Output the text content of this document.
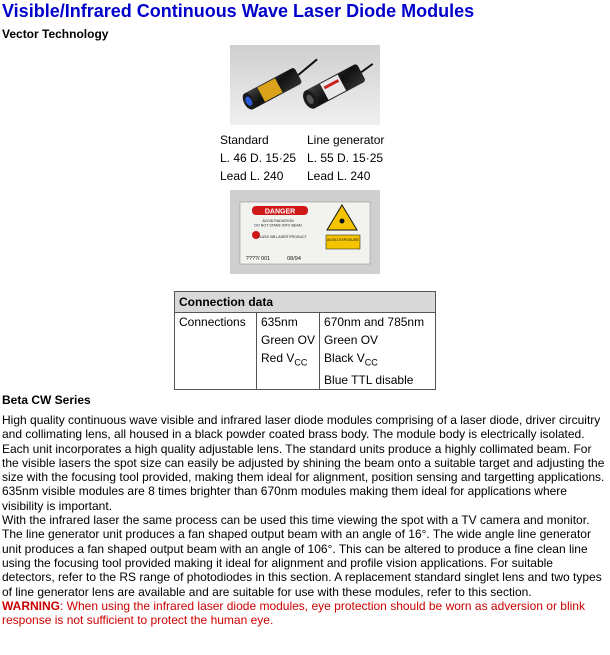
Visible/Infrared Continuous Wave Laser Diode Modules
Vector Technology
Standard
L. 46 D. 15·25
Lead L. 240
Line generator
L. 55 D. 15·25
Lead L. 240
DANGER
AVOID RADIATION
DO NOT STARE INTO BEAM
CLASS IIIB LASER PRODUCT
AVOID EXPOSURE
????/ 001	08/94
Connection data

Connections	635nm
Green OV
Red $V_{CC}$

670nm and 785nm
Green OV
Black $V_{CC}$
Blue TTL disable
Beta CW Series

High quality continuous wave visible and infrared laser diode modules comprising of a laser diode, driver circuitry and collimating lens, all housed in a black powder coated brass body. The module body is electrically isolated.

Each unit incorporates a high quality adjustable lens. The standard units produce a highly collimated beam. For the visible lasers the spot size can easily be adjusted by shining the beam onto a suitable target and adjusting the size with the focusing tool provided, making them ideal for alignment, position sensing and targetting applications. 635nm visible modules are 8 times brighter than 670nm modules making them ideal for applications where visibility is important.

With the infrared laser the same process can be used this time viewing the spot with a TV camera and monitor. The line generator unit produces a fan shaped output beam with an angle of 16°. The wide angle line generator unit produces a fan shaped output beam with an angle of 106°. This can be altered to produce a fine clean line using the focusing tool provided making it ideal for alignment and profile vision applications. For suitable detectors, refer to the RS range of photodiodes in this section. A replacement standard singlet lens and two types of line generator lens are available and are suitable for use with these modules, refer to this section.

WARNING: When using the infrared laser diode modules, eye protection should be worn as adversion or blink response is not sufficient to protect the human eye.
